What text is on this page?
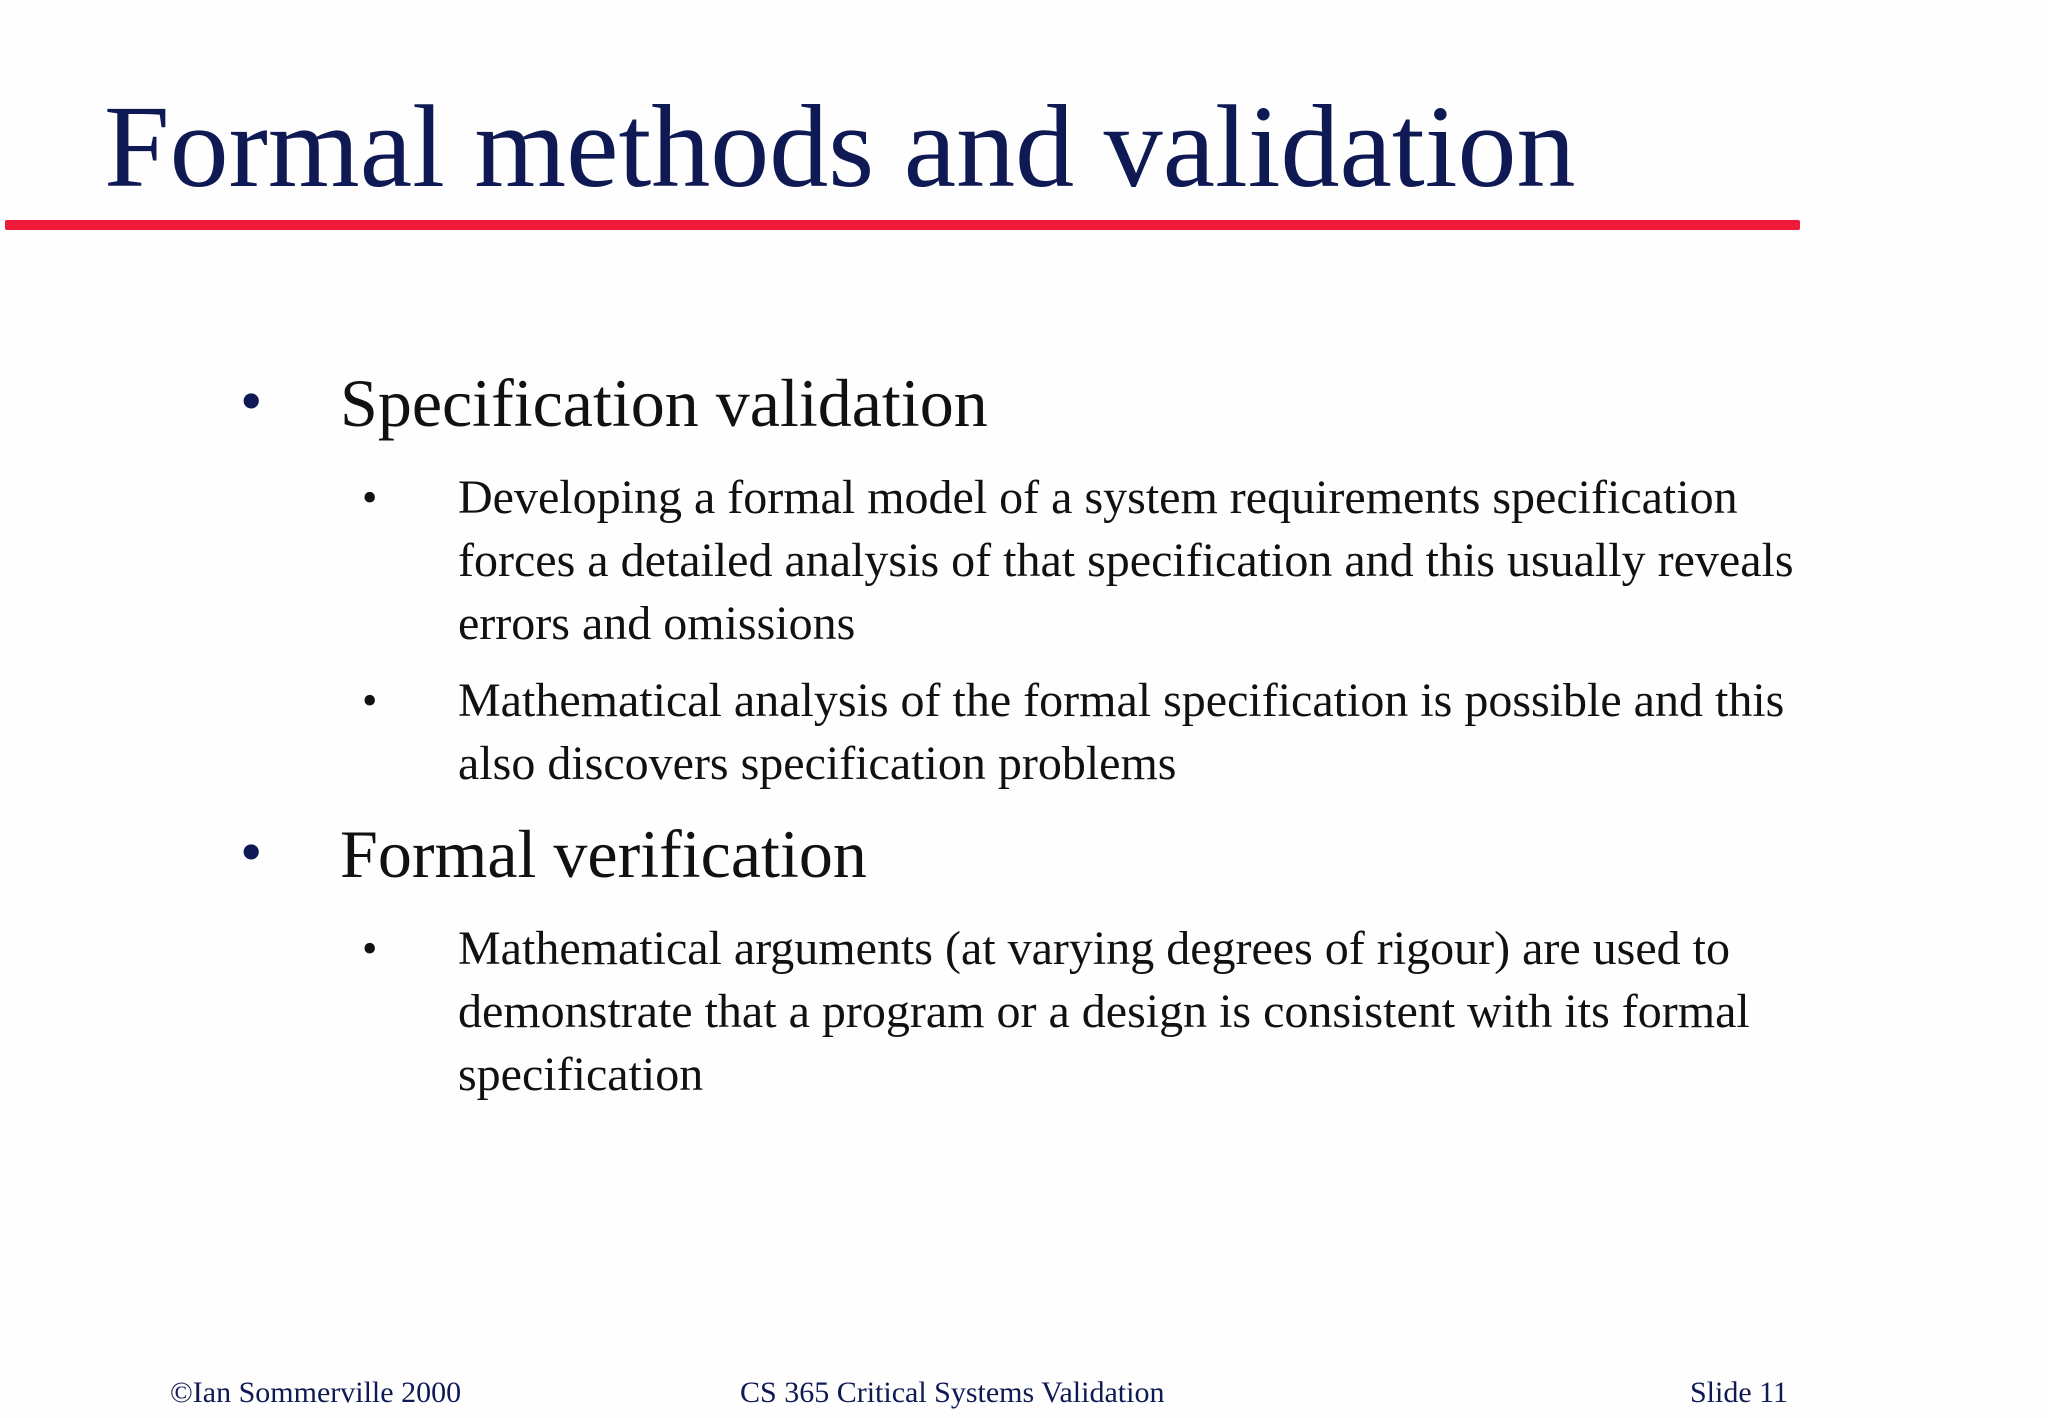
Formal methods and validation
• Specification validation
• Developing a formal model of a system requirements specification forces a detailed analysis of that specification and this usually reveals errors and omissions
• Mathematical analysis of the formal specification is possible and this also discovers specification problems
• Formal verification
• Mathematical arguments (at varying degrees of rigour) are used to demonstrate that a program or a design is consistent with its formal specification
©Ian Sommerville 2000	CS 365 Critical Systems Validation	Slide 11
